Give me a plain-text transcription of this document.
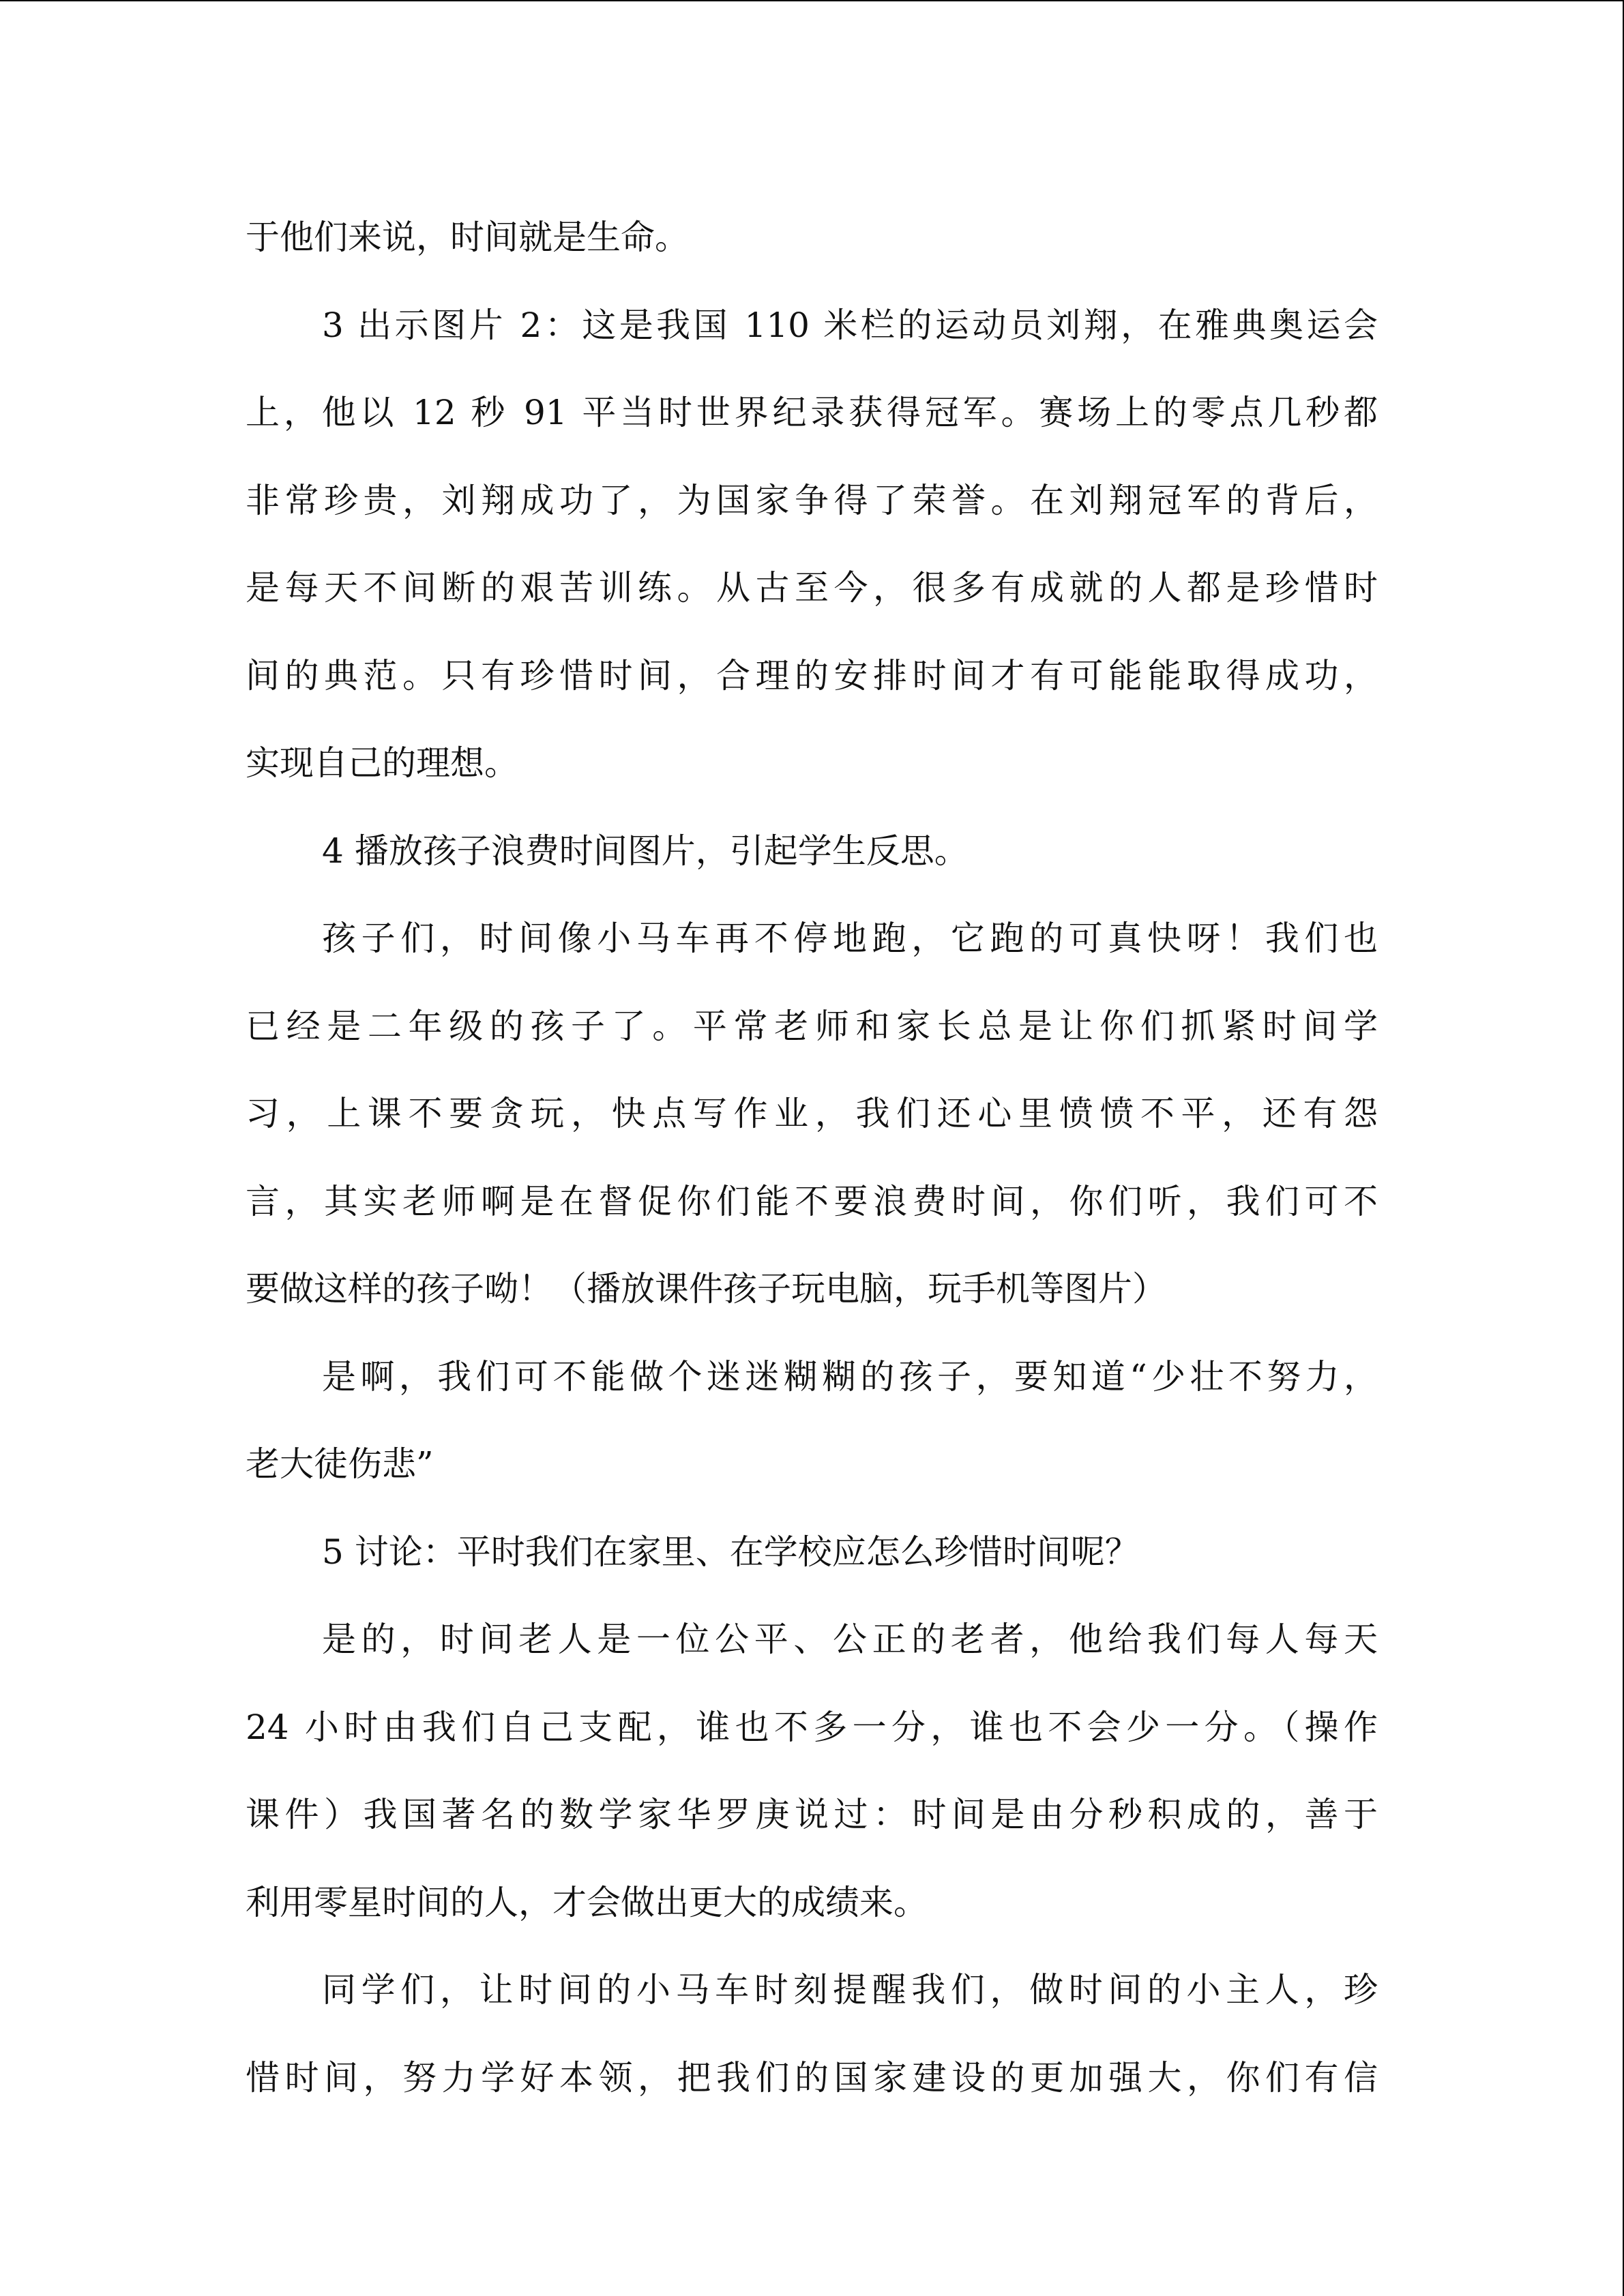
于他们来说，时间就是生命。
3 出示图片 2：这是我国 110 米栏的运动员刘翔，在雅典奥运会
上，他以 12 秒 91 平当时世界纪录获得冠军。赛场上的零点几秒都
非常珍贵，刘翔成功了，为国家争得了荣誉。在刘翔冠军的背后，
是每天不间断的艰苦训练。从古至今，很多有成就的人都是珍惜时
间的典范。只有珍惜时间，合理的安排时间才有可能能取得成功，
实现自己的理想。
4 播放孩子浪费时间图片，引起学生反思。
孩子们，时间像小马车再不停地跑，它跑的可真快呀！我们也
已经是二年级的孩子了。平常老师和家长总是让你们抓紧时间学
习，上课不要贪玩，快点写作业，我们还心里愤愤不平，还有怨
言，其实老师啊是在督促你们能不要浪费时间，你们听，我们可不
要做这样的孩子呦！（播放课件孩子玩电脑，玩手机等图片）
是啊，我们可不能做个迷迷糊糊的孩子，要知道“少壮不努力，
老大徒伤悲”
5 讨论：平时我们在家里、在学校应怎么珍惜时间呢？
是的，时间老人是一位公平、公正的老者，他给我们每人每天
24 小时由我们自己支配，谁也不多一分，谁也不会少一分。（操作
课件）我国著名的数学家华罗庚说过：时间是由分秒积成的，善于
利用零星时间的人，才会做出更大的成绩来。
同学们，让时间的小马车时刻提醒我们，做时间的小主人，珍
惜时间，努力学好本领，把我们的国家建设的更加强大，你们有信
